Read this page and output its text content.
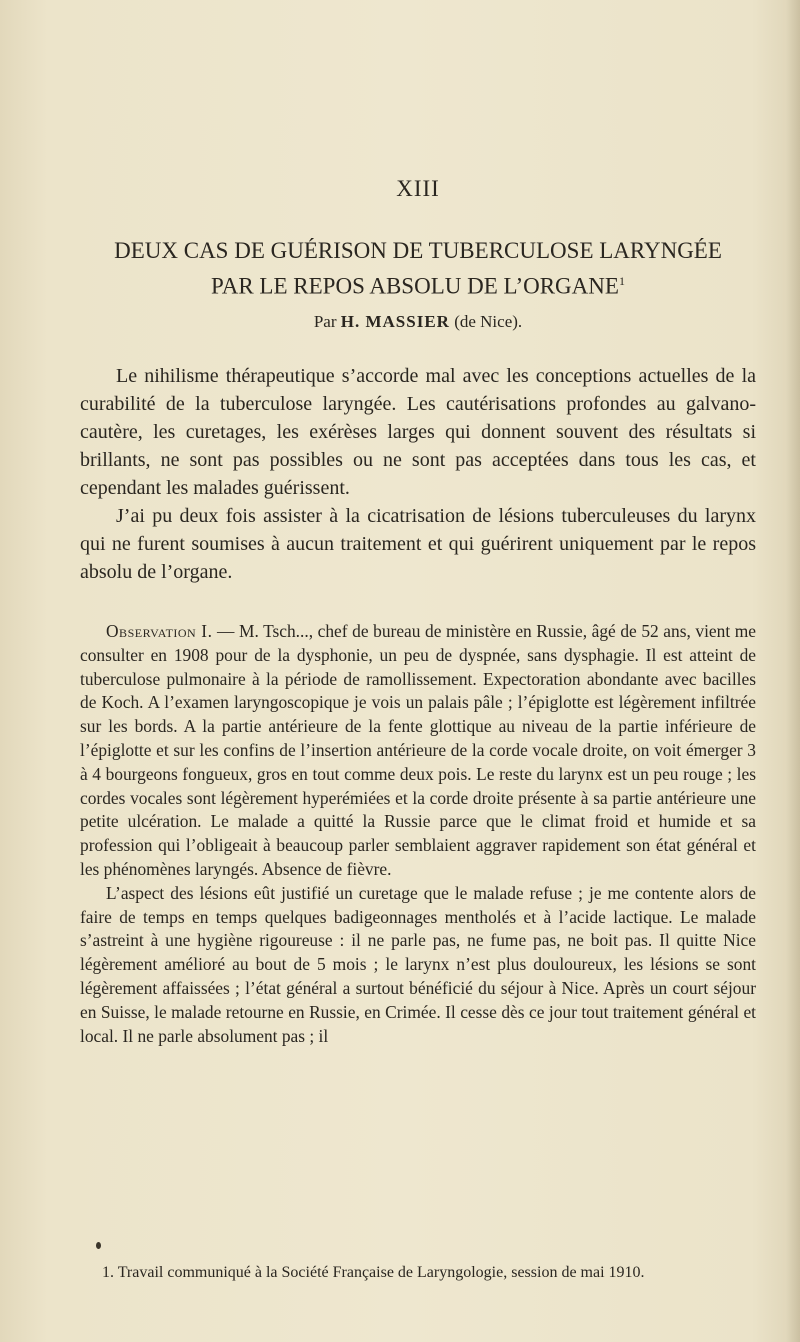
XIII
DEUX CAS DE GUÉRISON DE TUBERCULOSE LARYNGÉE
PAR LE REPOS ABSOLU DE L’ORGANE$^1$
Par H. MASSIER (de Nice).

Le nihilisme thérapeutique s’accorde mal avec les conceptions actuelles de la curabilité de la tuberculose laryngée. Les cautérisations profondes au galvano-cautère, les curetages, les exérèses larges qui donnent souvent des résultats si brillants, ne sont pas possibles ou ne sont pas acceptées dans tous les cas, et cependant les malades guérissent.

J’ai pu deux fois assister à la cicatrisation de lésions tuberculeuses du larynx qui ne furent soumises à aucun traitement et qui guérirent uniquement par le repos absolu de l’organe.

Observation I. — M. Tsch..., chef de bureau de ministère en Russie, âgé de 52 ans, vient me consulter en 1908 pour de la dysphonie, un peu de dyspnée, sans dysphagie. Il est atteint de tuberculose pulmonaire à la période de ramollissement. Expectoration abondante avec bacilles de Koch. A l’examen laryngoscopique je vois un palais pâle ; l’épiglotte est légèrement infiltrée sur les bords. A la partie antérieure de la fente glottique au niveau de la partie inférieure de l’épiglotte et sur les confins de l’insertion antérieure de la corde vocale droite, on voit émerger 3 à 4 bourgeons fongueux, gros en tout comme deux pois. Le reste du larynx est un peu rouge ; les cordes vocales sont légèrement hyperémiées et la corde droite présente à sa partie antérieure une petite ulcération. Le malade a quitté la Russie parce que le climat froid et humide et sa profession qui l’obligeait à beaucoup parler semblaient aggraver rapidement son état général et les phénomènes laryngés. Absence de fièvre.

L’aspect des lésions eût justifié un curetage que le malade refuse ; je me contente alors de faire de temps en temps quelques badigeonnages mentholés et à l’acide lactique. Le malade s’astreint à une hygiène rigoureuse : il ne parle pas, ne fume pas, ne boit pas. Il quitte Nice légèrement amélioré au bout de 5 mois ; le larynx n’est plus douloureux, les lésions se sont légèrement affaissées ; l’état général a surtout bénéficié du séjour à Nice. Après un court séjour en Suisse, le malade retourne en Russie, en Crimée. Il cesse dès ce jour tout traitement général et local. Il ne parle absolument pas ; il

1. Travail communiqué à la Société Française de Laryngologie, session de mai 1910.
